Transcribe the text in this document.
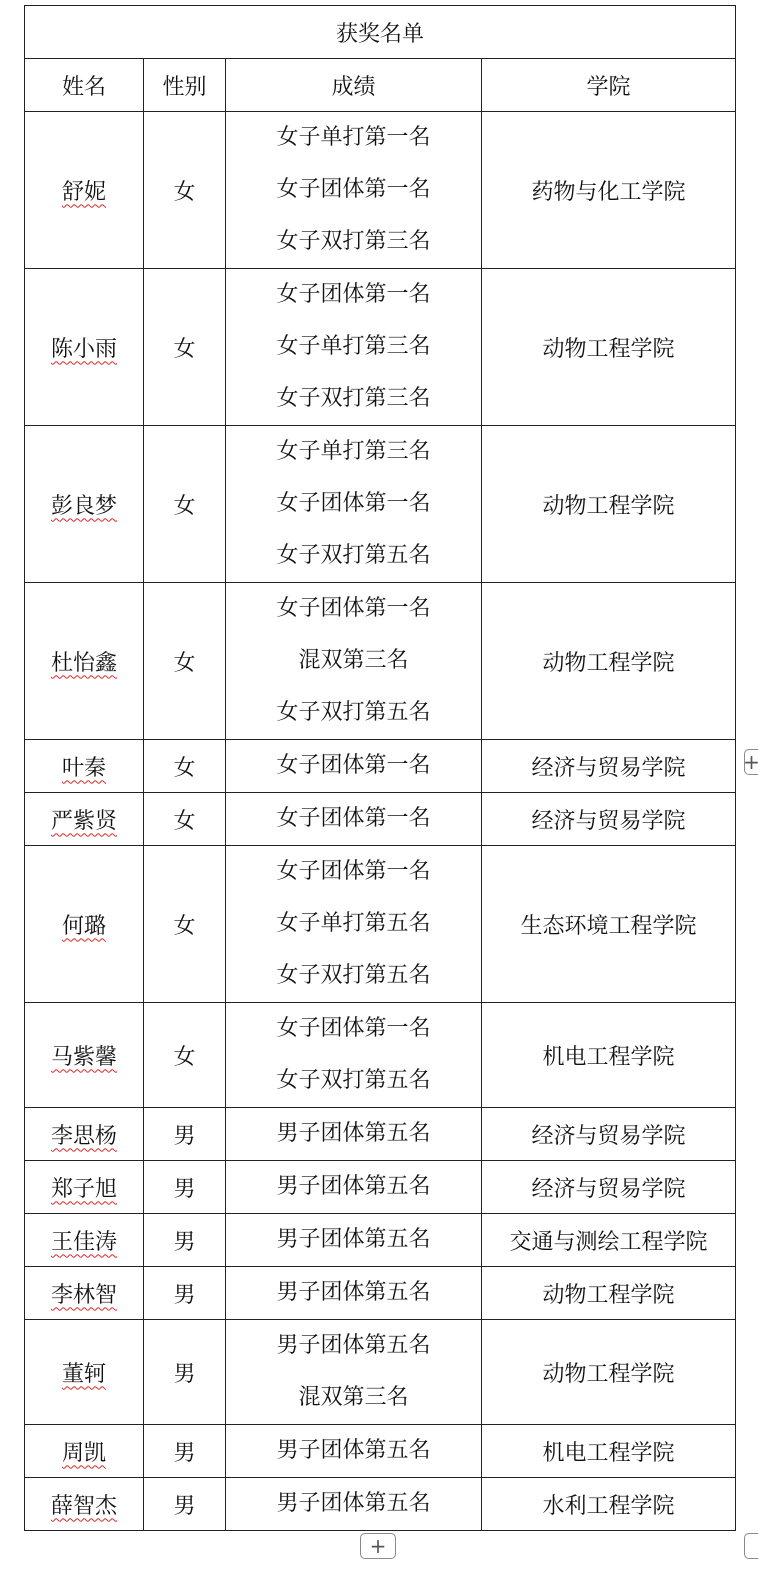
获奖名单			
姓名	性别	成绩	学院
舒妮	女	女子单打第一名
女子团体第一名
女子双打第三名	药物与化工学院
陈小雨	女	女子团体第一名
女子单打第三名
女子双打第三名	动物工程学院
彭良梦	女	女子单打第三名
女子团体第一名
女子双打第五名	动物工程学院
杜怡鑫	女	女子团体第一名
混双第三名
女子双打第五名	动物工程学院
叶秦	女	女子团体第一名	经济与贸易学院
严紫贤	女	女子团体第一名	经济与贸易学院
何璐	女	女子团体第一名
女子单打第五名
女子双打第五名	生态环境工程学院
马紫馨	女	女子团体第一名
女子双打第五名	机电工程学院
李思杨	男	男子团体第五名	经济与贸易学院
郑子旭	男	男子团体第五名	经济与贸易学院
王佳涛	男	男子团体第五名	交通与测绘工程学院
李林智	男	男子团体第五名	动物工程学院
董轲	男	男子团体第五名
混双第三名	动物工程学院
周凯	男	男子团体第五名	机电工程学院
薛智杰	男	男子团体第五名	水利工程学院
+
+
